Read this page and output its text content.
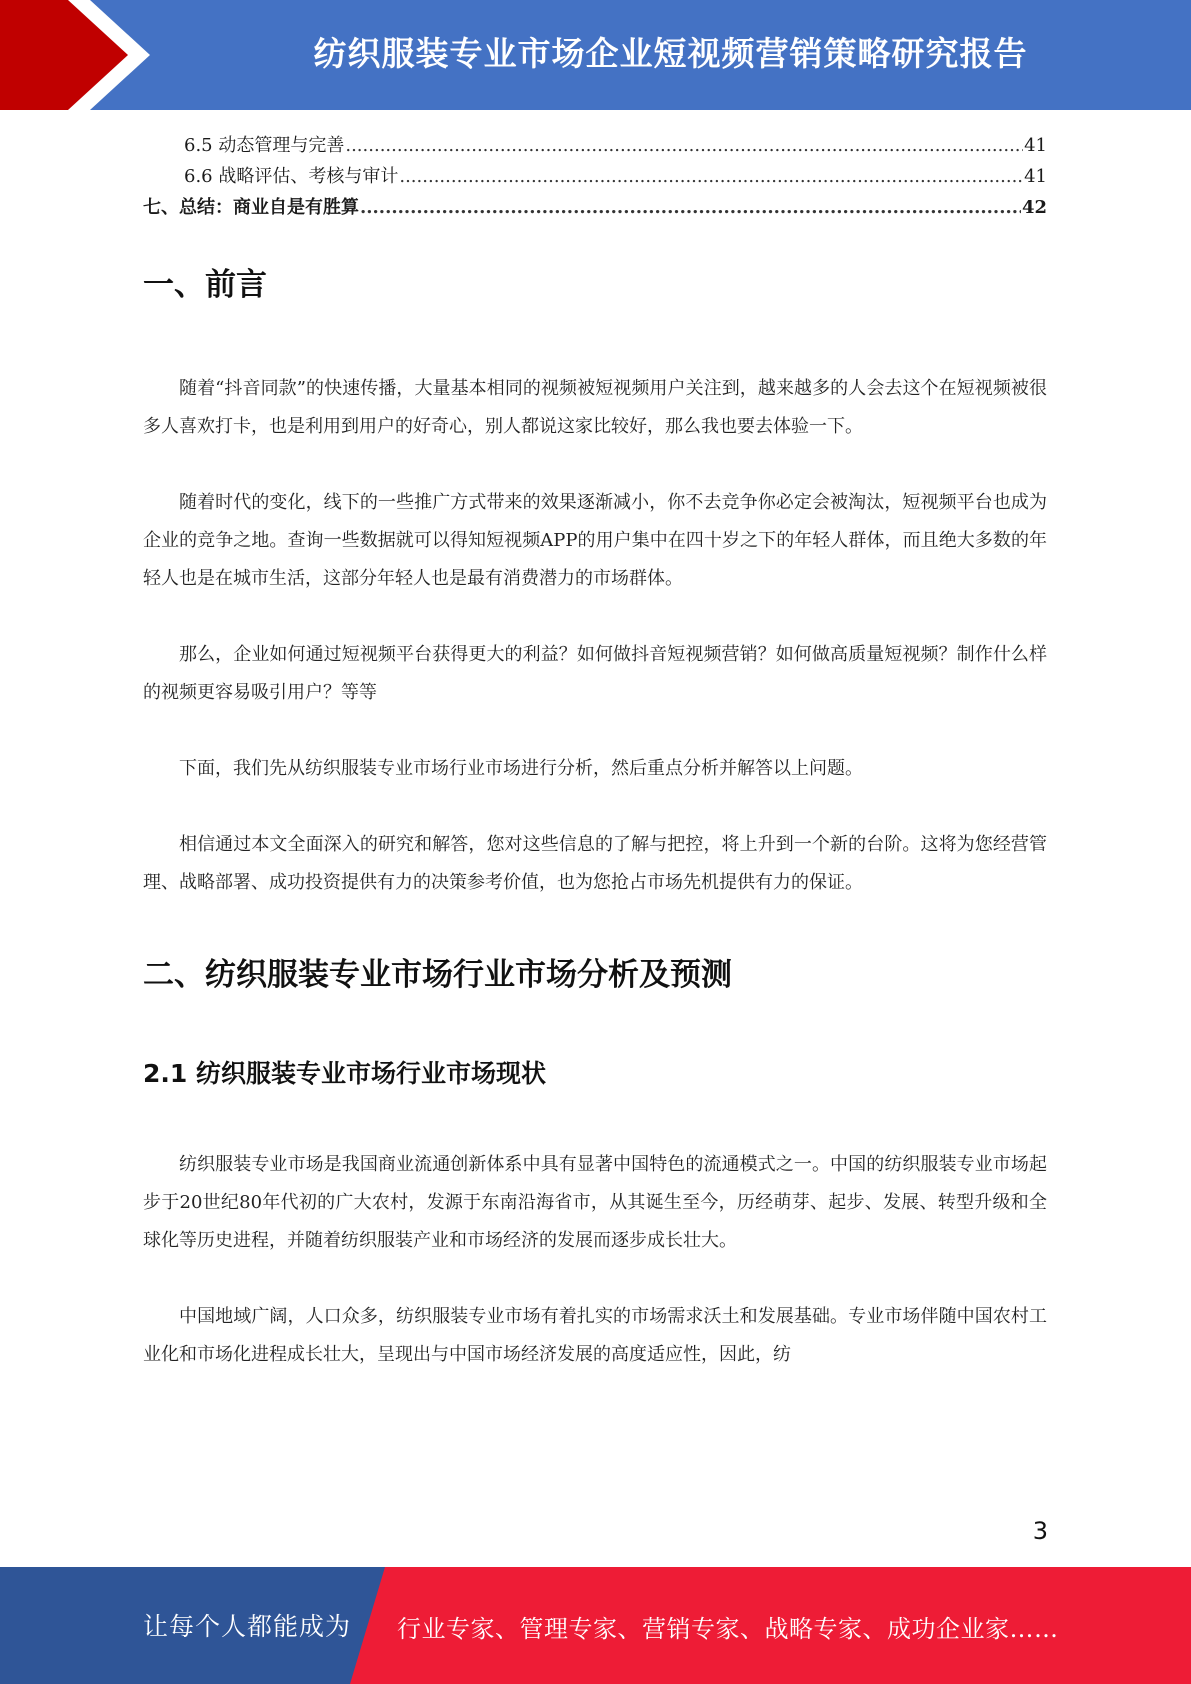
纺织服装专业市场企业短视频营销策略研究报告
6.5 动态管理与完善 .....	41
6.6 战略评估、考核与审计 .....	41
七、总结：商业自是有胜算 .....	42
一、前言

随着“抖音同款”的快速传播，大量基本相同的视频被短视频用户关注到，越来越多的人会去这个在短视频被很多人喜欢打卡，也是利用到用户的好奇心，别人都说这家比较好，那么我也要去体验一下。

随着时代的变化，线下的一些推广方式带来的效果逐渐减小，你不去竞争你必定会被淘汰，短视频平台也成为企业的竞争之地。查询一些数据就可以得知短视频APP的用户集中在四十岁之下的年轻人群体，而且绝大多数的年轻人也是在城市生活，这部分年轻人也是最有消费潜力的市场群体。

那么，企业如何通过短视频平台获得更大的利益？如何做抖音短视频营销？如何做高质量短视频？制作什么样的视频更容易吸引用户？等等

下面，我们先从纺织服装专业市场行业市场进行分析，然后重点分析并解答以上问题。

相信通过本文全面深入的研究和解答，您对这些信息的了解与把控，将上升到一个新的台阶。这将为您经营管理、战略部署、成功投资提供有力的决策参考价值，也为您抢占市场先机提供有力的保证。

二、纺织服装专业市场行业市场分析及预测
2.1 纺织服装专业市场行业市场现状

纺织服装专业市场是我国商业流通创新体系中具有显著中国特色的流通模式之一。中国的纺织服装专业市场起步于20世纪80年代初的广大农村，发源于东南沿海省市，从其诞生至今，历经萌芽、起步、发展、转型升级和全球化等历史进程，并随着纺织服装产业和市场经济的发展而逐步成长壮大。

中国地域广阔，人口众多，纺织服装专业市场有着扎实的市场需求沃土和发展基础。专业市场伴随中国农村工业化和市场化进程成长壮大，呈现出与中国市场经济发展的高度适应性，因此，纺

3
让每个人都能成为 行业专家、管理专家、营销专家、战略专家、成功企业家……
